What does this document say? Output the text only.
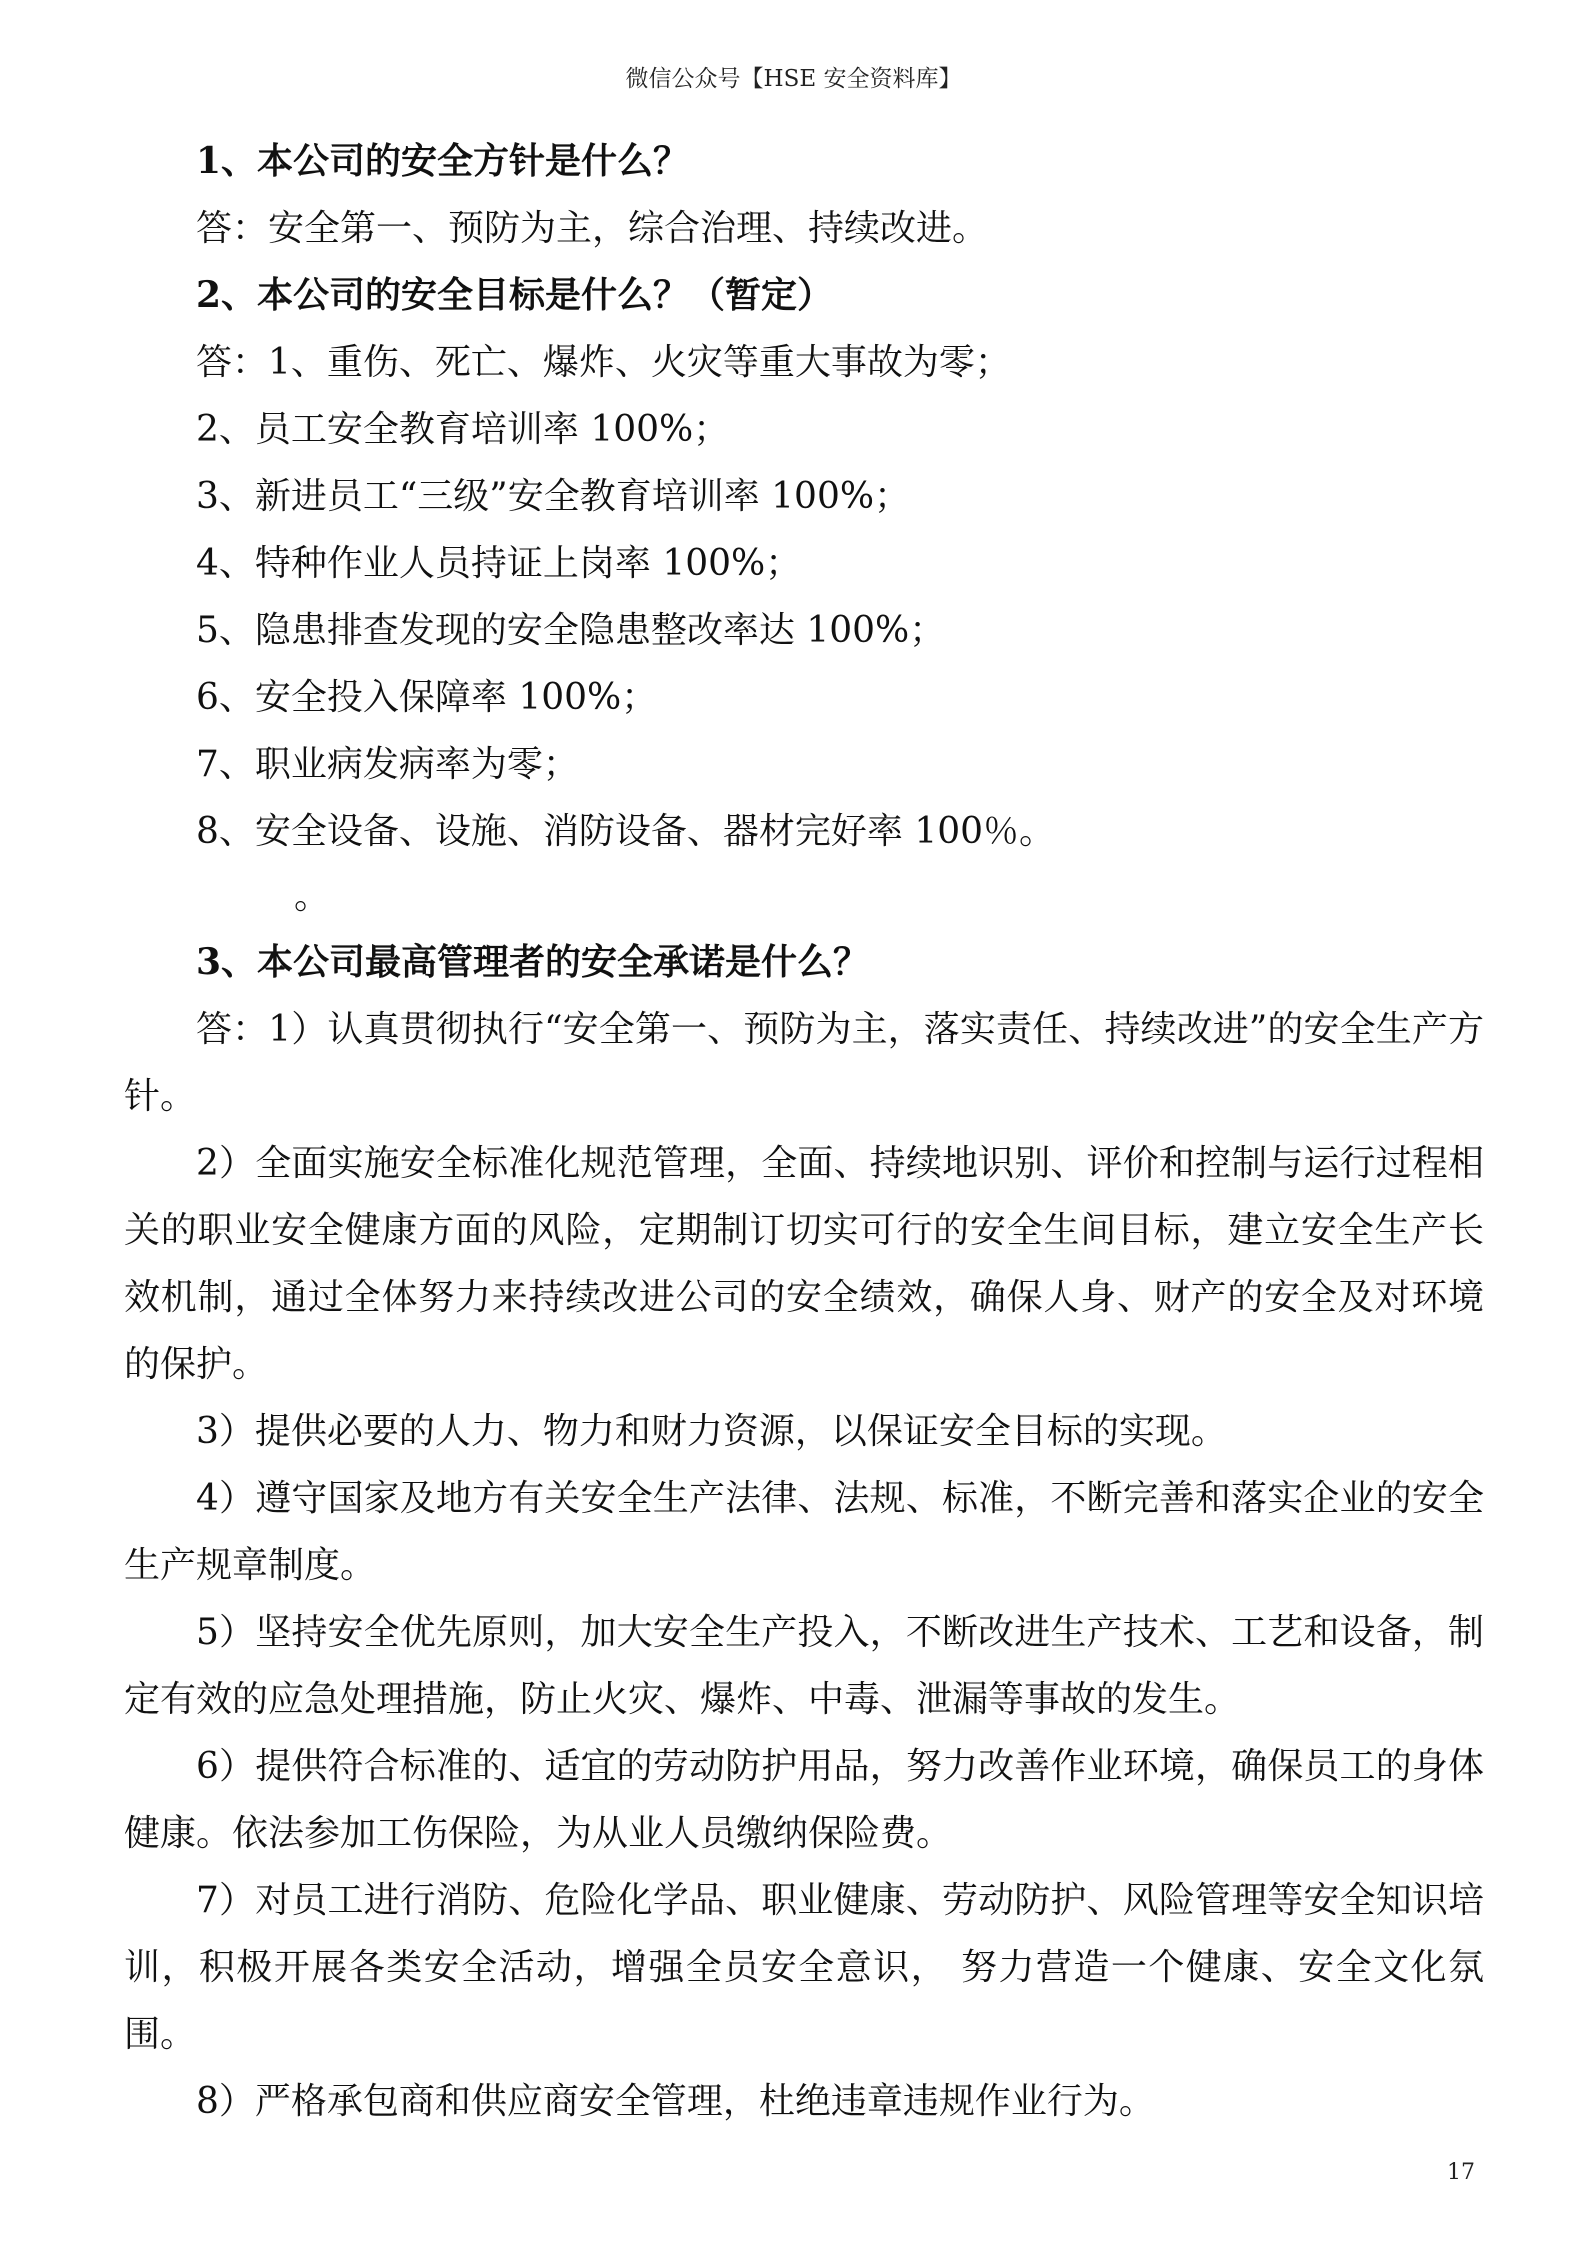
微信公众号【HSE 安全资料库】
1、本公司的安全方针是什么？
答：安全第一、预防为主，综合治理、持续改进。
2、本公司的安全目标是什么？（暂定）
答：1、重伤、死亡、爆炸、火灾等重大事故为零；
2、员工安全教育培训率 100%；
3、新进员工“三级”安全教育培训率 100%；
4、特种作业人员持证上岗率 100%；
5、隐患排查发现的安全隐患整改率达 100%；
6、安全投入保障率 100%；
7、职业病发病率为零；
8、安全设备、设施、消防设备、器材完好率 100％。
。
3、本公司最高管理者的安全承诺是什么？
答：1）认真贯彻执行“安全第一、预防为主，落实责任、持续改进”的安全生产方针。
2）全面实施安全标准化规范管理，全面、持续地识别、评价和控制与运行过程相关的职业安全健康方面的风险，定期制订切实可行的安全生间目标，建立安全生产长效机制，通过全体努力来持续改进公司的安全绩效，确保人身、财产的安全及对环境的保护。
3）提供必要的人力、物力和财力资源，以保证安全目标的实现。
4）遵守国家及地方有关安全生产法律、法规、标准，不断完善和落实企业的安全生产规章制度。
5）坚持安全优先原则，加大安全生产投入，不断改进生产技术、工艺和设备，制定有效的应急处理措施，防止火灾、爆炸、中毒、泄漏等事故的发生。
6）提供符合标准的、适宜的劳动防护用品，努力改善作业环境，确保员工的身体健康。依法参加工伤保险，为从业人员缴纳保险费。
7）对员工进行消防、危险化学品、职业健康、劳动防护、风险管理等安全知识培训，积极开展各类安全活动，增强全员安全意识， 努力营造一个健康、安全文化氛围。
8）严格承包商和供应商安全管理，杜绝违章违规作业行为。
17
